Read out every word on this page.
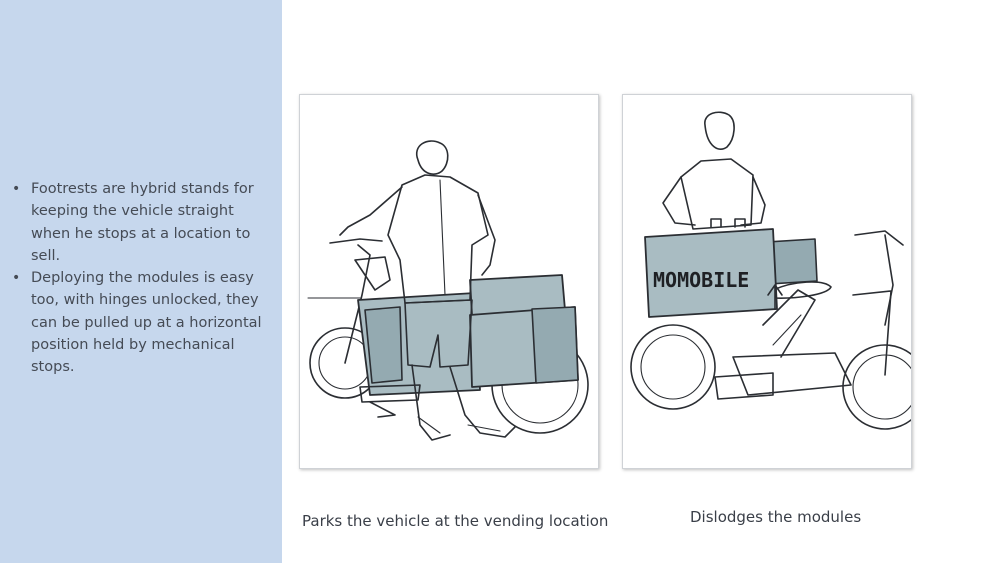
• Footrests are hybrid stands for keeping the vehicle straight when he stops at a location to sell.
• Deploying the modules is easy too, with hinges unlocked, they can be pulled up at a horizontal position held by mechanical stops.
MOMOBILE
Parks the vehicle at the vending location	Dislodges the modules
